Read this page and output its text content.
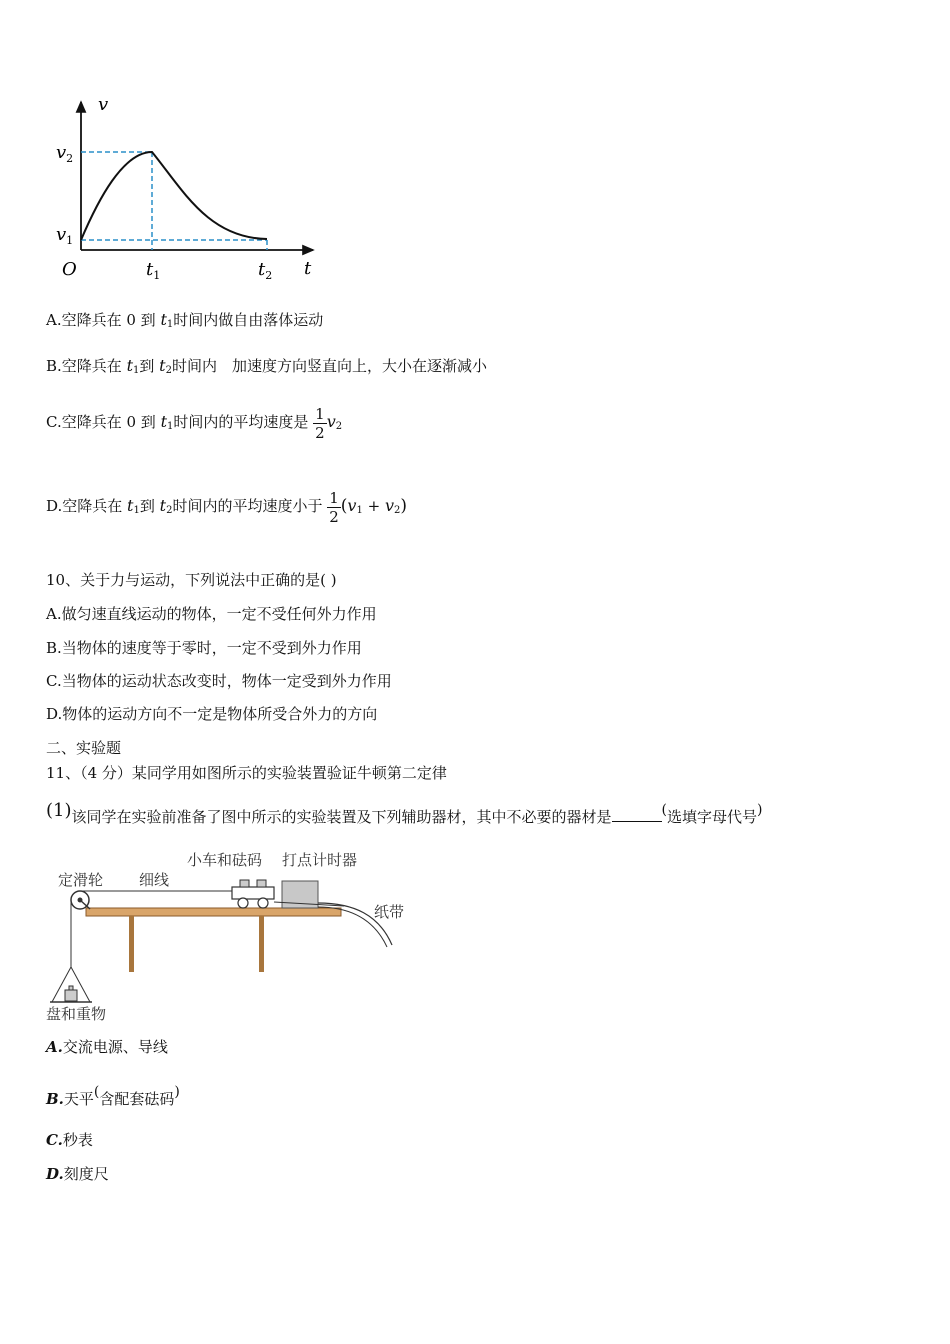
v
$v_2$
$v_1$
O	$t_1$	$t_2$ t
A.空降兵在 0 到 $t_1$时间内做自由落体运动
B.空降兵在 $t_1$到 $t_2$时间内　加速度方向竖直向上，大小在逐渐减小
C.空降兵在 0 到 $t_1$时间内的平均速度是 $\frac{1}{2} v_2$
D.空降兵在 $t_1$到 $t_2$时间内的平均速度小于 $\frac{1}{2} (v_1 + v_2)$
10、关于力与运动，下列说法中正确的是( )
A.做匀速直线运动的物体，一定不受任何外力作用
B.当物体的速度等于零时，一定不受到外力作用
C.当物体的运动状态改变时，物体一定受到外力作用
D.物体的运动方向不一定是物体所受合外力的方向
二、实验题
11、（4 分）某同学用如图所示的实验装置验证牛顿第二定律
(1)该同学在实验前准备了图中所示的实验装置及下列辅助器材，其中不必要的器材是	(选填字母代号)
定滑轮 细线
小车和砝码 打点计时器
纸带
盘和重物
A.交流电源、导线
B.天平(含配套砝码)
C.秒表
D.刻度尺
